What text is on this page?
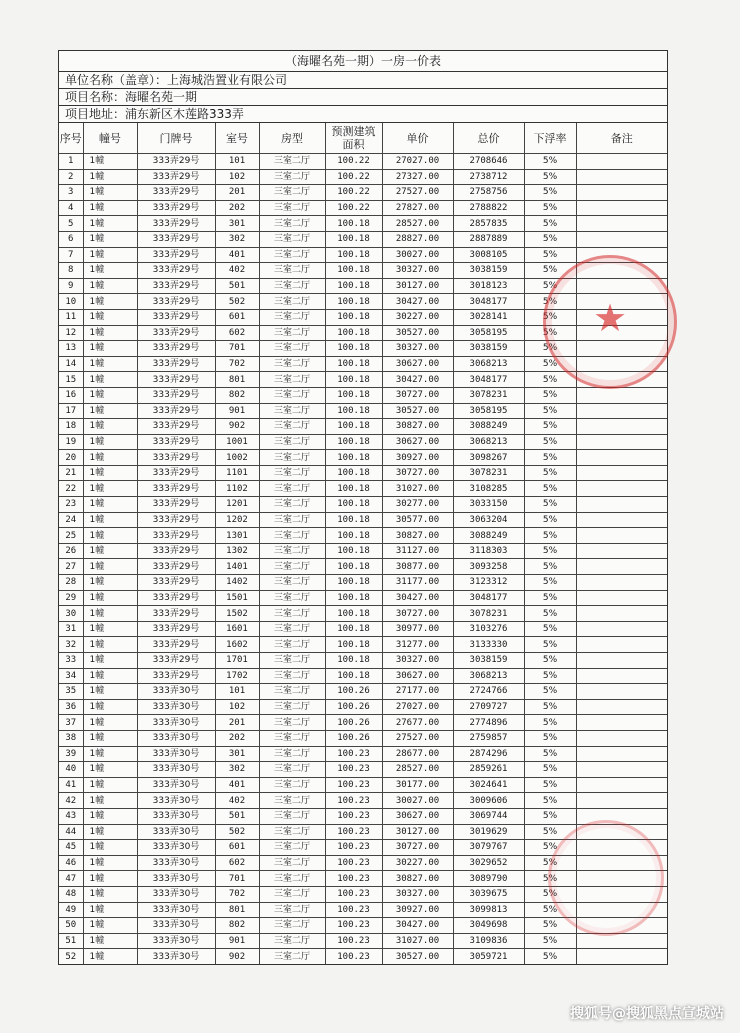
（海曜名苑一期）一房一价表
单位名称（盖章）：上海城浩置业有限公司
项目名称：海曜名苑一期
项目地址：浦东新区木莲路333弄
序号	幢号	门牌号	室号	房型	预测建筑
面积	单价	总价	下浮率	备注
1	1幢	333弄29号	101	三室二厅	100.22	27027.00	2708646	5%	
2	1幢	333弄29号	102	三室二厅	100.22	27327.00	2738712	5%	
3	1幢	333弄29号	201	三室二厅	100.22	27527.00	2758756	5%	
4	1幢	333弄29号	202	三室二厅	100.22	27827.00	2788822	5%	
5	1幢	333弄29号	301	三室二厅	100.18	28527.00	2857835	5%	
6	1幢	333弄29号	302	三室二厅	100.18	28827.00	2887889	5%	
7	1幢	333弄29号	401	三室二厅	100.18	30027.00	3008105	5%	
8	1幢	333弄29号	402	三室二厅	100.18	30327.00	3038159	5%	
9	1幢	333弄29号	501	三室二厅	100.18	30127.00	3018123	5%	
10	1幢	333弄29号	502	三室二厅	100.18	30427.00	3048177	5%	
11	1幢	333弄29号	601	三室二厅	100.18	30227.00	3028141	5%	
12	1幢	333弄29号	602	三室二厅	100.18	30527.00	3058195	5%	
13	1幢	333弄29号	701	三室二厅	100.18	30327.00	3038159	5%	
14	1幢	333弄29号	702	三室二厅	100.18	30627.00	3068213	5%	
15	1幢	333弄29号	801	三室二厅	100.18	30427.00	3048177	5%	
16	1幢	333弄29号	802	三室二厅	100.18	30727.00	3078231	5%	
17	1幢	333弄29号	901	三室二厅	100.18	30527.00	3058195	5%	
18	1幢	333弄29号	902	三室二厅	100.18	30827.00	3088249	5%	
19	1幢	333弄29号	1001	三室二厅	100.18	30627.00	3068213	5%	
20	1幢	333弄29号	1002	三室二厅	100.18	30927.00	3098267	5%	
21	1幢	333弄29号	1101	三室二厅	100.18	30727.00	3078231	5%	
22	1幢	333弄29号	1102	三室二厅	100.18	31027.00	3108285	5%	
23	1幢	333弄29号	1201	三室二厅	100.18	30277.00	3033150	5%	
24	1幢	333弄29号	1202	三室二厅	100.18	30577.00	3063204	5%	
25	1幢	333弄29号	1301	三室二厅	100.18	30827.00	3088249	5%	
26	1幢	333弄29号	1302	三室二厅	100.18	31127.00	3118303	5%	
27	1幢	333弄29号	1401	三室二厅	100.18	30877.00	3093258	5%	
28	1幢	333弄29号	1402	三室二厅	100.18	31177.00	3123312	5%	
29	1幢	333弄29号	1501	三室二厅	100.18	30427.00	3048177	5%	
30	1幢	333弄29号	1502	三室二厅	100.18	30727.00	3078231	5%	
31	1幢	333弄29号	1601	三室二厅	100.18	30977.00	3103276	5%	
32	1幢	333弄29号	1602	三室二厅	100.18	31277.00	3133330	5%	
33	1幢	333弄29号	1701	三室二厅	100.18	30327.00	3038159	5%	
34	1幢	333弄29号	1702	三室二厅	100.18	30627.00	3068213	5%	
35	1幢	333弄30号	101	三室二厅	100.26	27177.00	2724766	5%	
36	1幢	333弄30号	102	三室二厅	100.26	27027.00	2709727	5%	
37	1幢	333弄30号	201	三室二厅	100.26	27677.00	2774896	5%	
38	1幢	333弄30号	202	三室二厅	100.26	27527.00	2759857	5%	
39	1幢	333弄30号	301	三室二厅	100.23	28677.00	2874296	5%	
40	1幢	333弄30号	302	三室二厅	100.23	28527.00	2859261	5%	
41	1幢	333弄30号	401	三室二厅	100.23	30177.00	3024641	5%	
42	1幢	333弄30号	402	三室二厅	100.23	30027.00	3009606	5%	
43	1幢	333弄30号	501	三室二厅	100.23	30627.00	3069744	5%	
44	1幢	333弄30号	502	三室二厅	100.23	30127.00	3019629	5%	
45	1幢	333弄30号	601	三室二厅	100.23	30727.00	3079767	5%	
46	1幢	333弄30号	602	三室二厅	100.23	30227.00	3029652	5%	
47	1幢	333弄30号	701	三室二厅	100.23	30827.00	3089790	5%	
48	1幢	333弄30号	702	三室二厅	100.23	30327.00	3039675	5%	
49	1幢	333弄30号	801	三室二厅	100.23	30927.00	3099813	5%	
50	1幢	333弄30号	802	三室二厅	100.23	30427.00	3049698	5%	
51	1幢	333弄30号	901	三室二厅	100.23	31027.00	3109836	5%	
52	1幢	333弄30号	902	三室二厅	100.23	30527.00	3059721	5%	
★
搜狐号@搜狐黑点宣城站
